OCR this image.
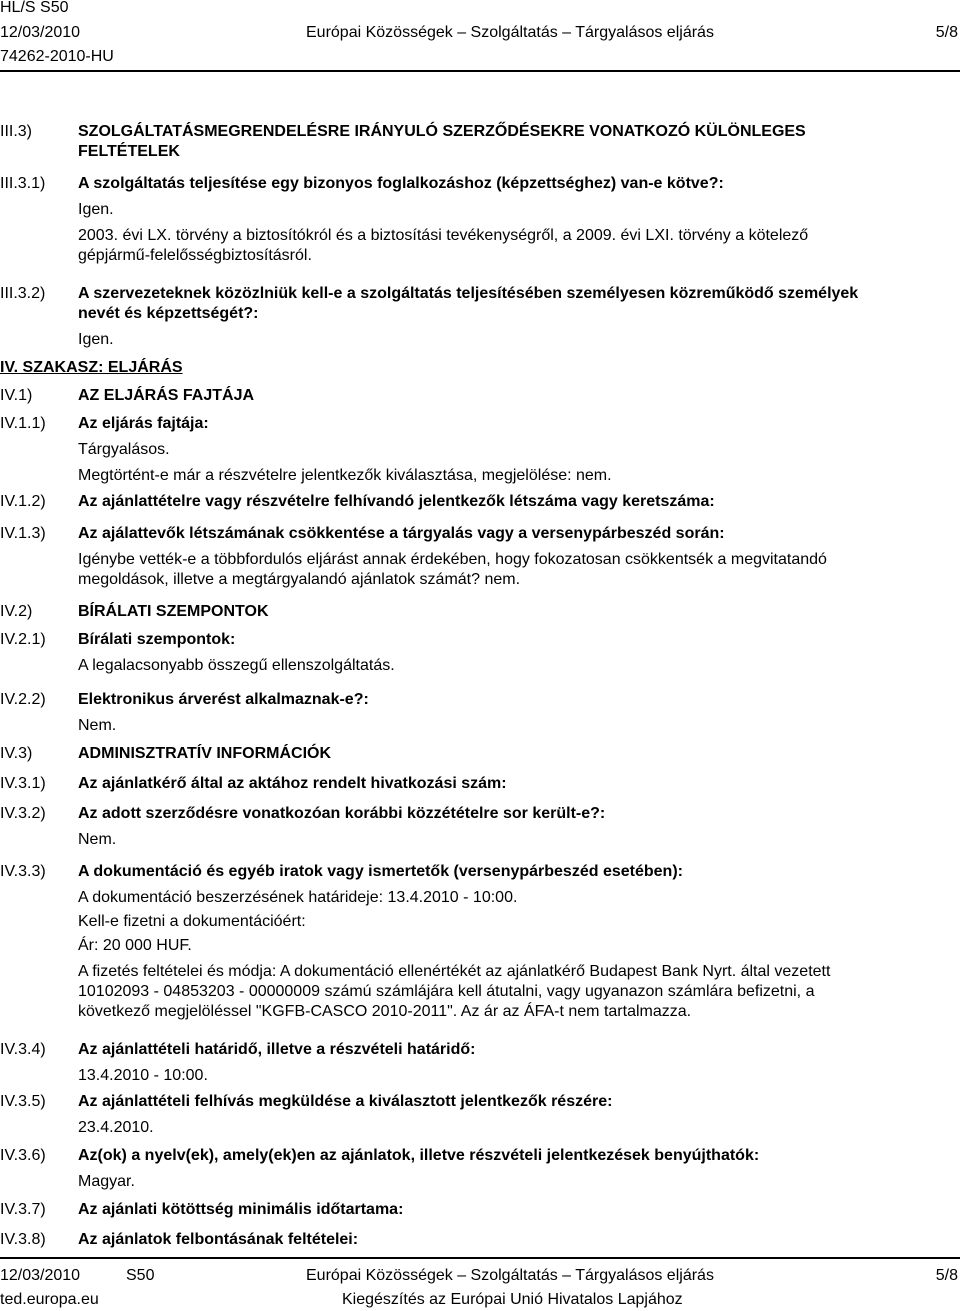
HL/S S50
12/03/2010	Európai Közösségek – Szolgáltatás – Tárgyalásos eljárás	5/8
74262-2010-HU
IV. SZAKASZ: ELJÁRÁS
III.3)	SZOLGÁLTATÁSMEGRENDELÉSRE IRÁNYULÓ SZERZŐDÉSEKRE VONATKOZÓ KÜLÖNLEGES
FELTÉTELEK
III.3.1) A szolgáltatás teljesítése egy bizonyos foglalkozáshoz (képzettséghez) van-e kötve?:
Igen.
2003. évi LX. törvény a biztosítókról és a biztosítási tevékenységről, a 2009. évi LXI. törvény a kötelező
gépjármű-felelősségbiztosításról.
III.3.2) A szervezeteknek közözlniük kell-e a szolgáltatás teljesítésében személyesen közreműködő személyek
nevét és képzettségét?:
Igen.
IV.1)	AZ ELJÁRÁS FAJTÁJA
IV.1.1) Az eljárás fajtája:
Tárgyalásos.
Megtörtént-e már a részvételre jelentkezők kiválasztása, megjelölése: nem.
IV.1.2) Az ajánlattételre vagy részvételre felhívandó jelentkezők létszáma vagy keretszáma:
IV.1.3) Az ajálattevők létszámának csökkentése a tárgyalás vagy a versenypárbeszéd során:
Igénybe vették-e a többfordulós eljárást annak érdekében, hogy fokozatosan csökkentsék a megvitatandó
megoldások, illetve a megtárgyalandó ajánlatok számát? nem.
IV.2)	BÍRÁLATI SZEMPONTOK
IV.2.1) Bírálati szempontok:
A legalacsonyabb összegű ellenszolgáltatás.
IV.2.2) Elektronikus árverést alkalmaznak-e?:
Nem.
IV.3)	ADMINISZTRATÍV INFORMÁCIÓK
IV.3.1) Az ajánlatkérő által az aktához rendelt hivatkozási szám:
IV.3.2) Az adott szerződésre vonatkozóan korábbi közzétételre sor került-e?:
Nem.
IV.3.3) A dokumentáció és egyéb iratok vagy ismertetők (versenypárbeszéd esetében):
A dokumentáció beszerzésének határideje: 13.4.2010 - 10:00.
Kell-e fizetni a dokumentációért:
Ár: 20 000 HUF.
A fizetés feltételei és módja: A dokumentáció ellenértékét az ajánlatkérő Budapest Bank Nyrt. által vezetett
10102093 - 04853203 - 00000009 számú számlájára kell átutalni, vagy ugyanazon számlára befizetni, a
következő megjelöléssel "KGFB-CASCO 2010-2011". Az ár az ÁFA-t nem tartalmazza.
IV.3.4) Az ajánlattételi határidő, illetve a részvételi határidő:
13.4.2010 - 10:00.
IV.3.5) Az ajánlattételi felhívás megküldése a kiválasztott jelentkezők részére:
23.4.2010.
IV.3.6) Az(ok) a nyelv(ek), amely(ek)en az ajánlatok, illetve részvételi jelentkezések benyújthatók:
Magyar.
IV.3.7) Az ajánlati kötöttség minimális időtartama:
IV.3.8) Az ajánlatok felbontásának feltételei:
12/03/2010	S50	Európai Közösségek – Szolgáltatás – Tárgyalásos eljárás	5/8
ted.europa.eu	Kiegészítés az Európai Unió Hivatalos Lapjához
